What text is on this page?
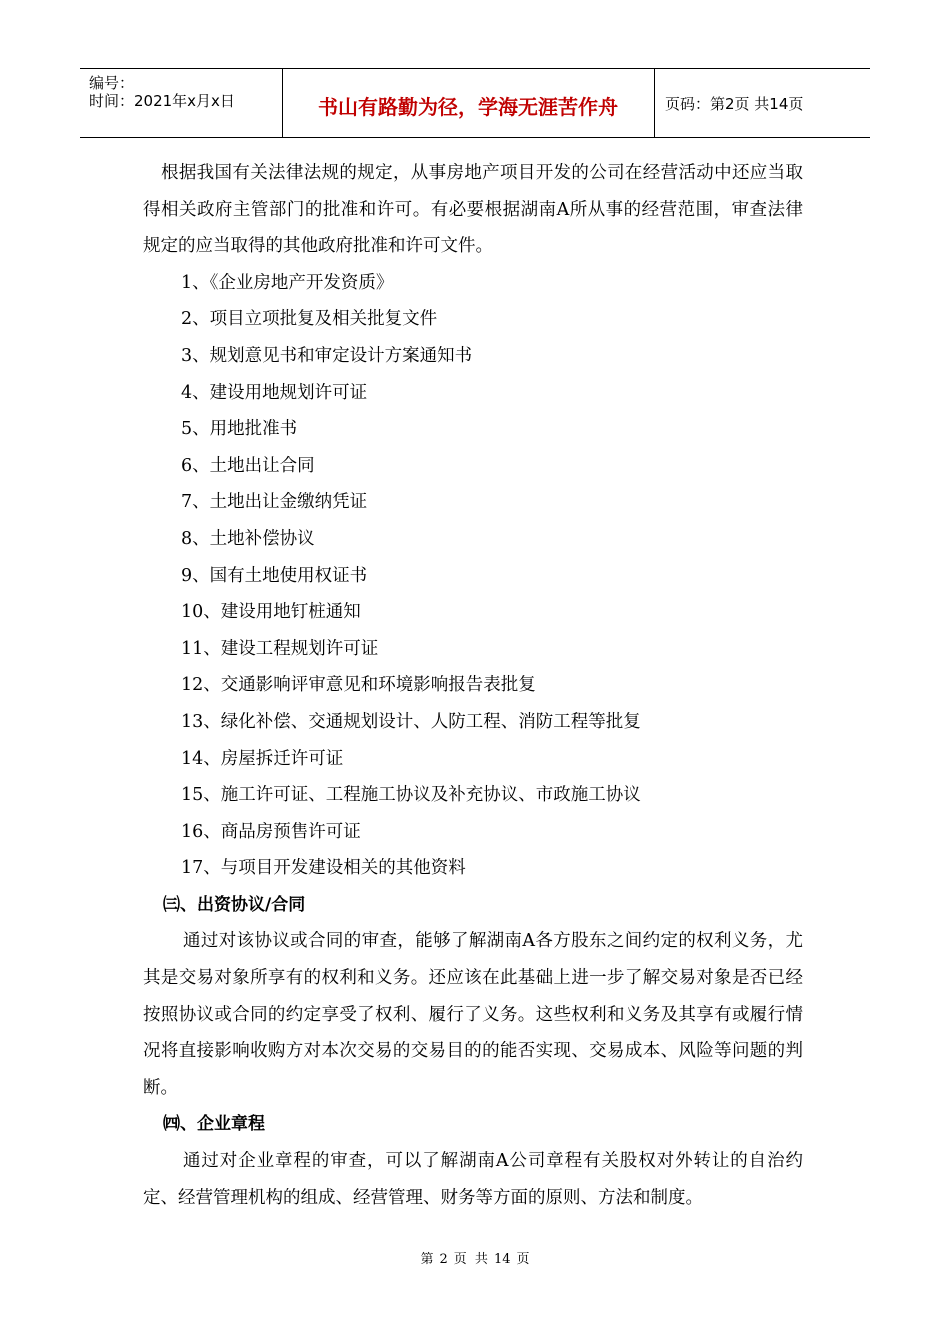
编号：
时间：2021年x月x日	书山有路勤为径，学海无涯苦作舟	页码：第2页 共14页

根据我国有关法律法规的规定，从事房地产项目开发的公司在经营活动中还应当取得相关政府主管部门的批准和许可。有必要根据湖南A所从事的经营范围，审查法律规定的应当取得的其他政府批准和许可文件。

1、《企业房地产开发资质》
2、项目立项批复及相关批复文件
3、规划意见书和审定设计方案通知书
4、建设用地规划许可证
5、用地批准书
6、土地出让合同
7、土地出让金缴纳凭证
8、土地补偿协议
9、国有土地使用权证书
10、建设用地钉桩通知
11、建设工程规划许可证
12、交通影响评审意见和环境影响报告表批复
13、绿化补偿、交通规划设计、人防工程、消防工程等批复
14、房屋拆迁许可证
15、施工许可证、工程施工协议及补充协议、市政施工协议
16、商品房预售许可证
17、与项目开发建设相关的其他资料

㈢、出资协议/合同

通过对该协议或合同的审查，能够了解湖南A各方股东之间约定的权利义务，尤其是交易对象所享有的权利和义务。还应该在此基础上进一步了解交易对象是否已经按照协议或合同的约定享受了权利、履行了义务。这些权利和义务及其享有或履行情况将直接影响收购方对本次交易的交易目的的能否实现、交易成本、风险等问题的判断。

㈣、企业章程

通过对企业章程的审查，可以了解湖南A公司章程有关股权对外转让的自治约定、经营管理机构的组成、经营管理、财务等方面的原则、方法和制度。

第 2 页 共 14 页
